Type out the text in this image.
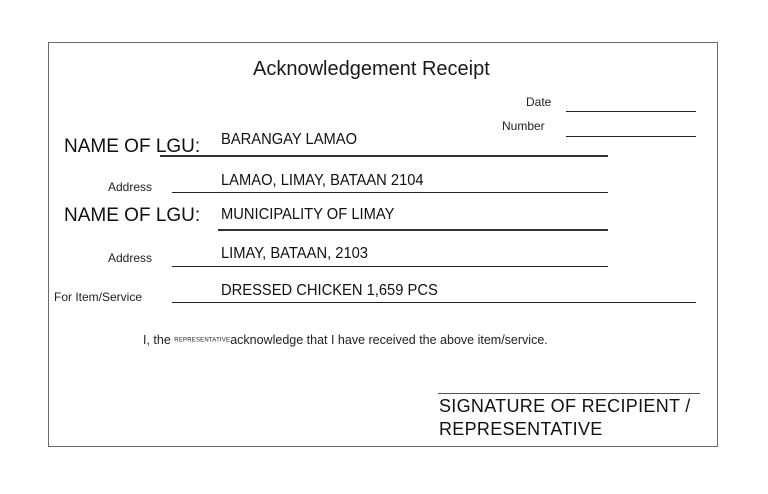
Acknowledgement Receipt
Date
Number
NAME OF LGU: BARANGAY LAMAO
Address	LAMAO, LIMAY, BATAAN 2104
NAME OF LGU: MUNICIPALITY OF LIMAY
Address	LIMAY, BATAAN, 2103
For Item/Service	DRESSED CHICKEN 1,659 PCS
I, the REPRESENTATIVEacknowledge that I have received the above item/service.
SIGNATURE OF RECIPIENT /
REPRESENTATIVE
